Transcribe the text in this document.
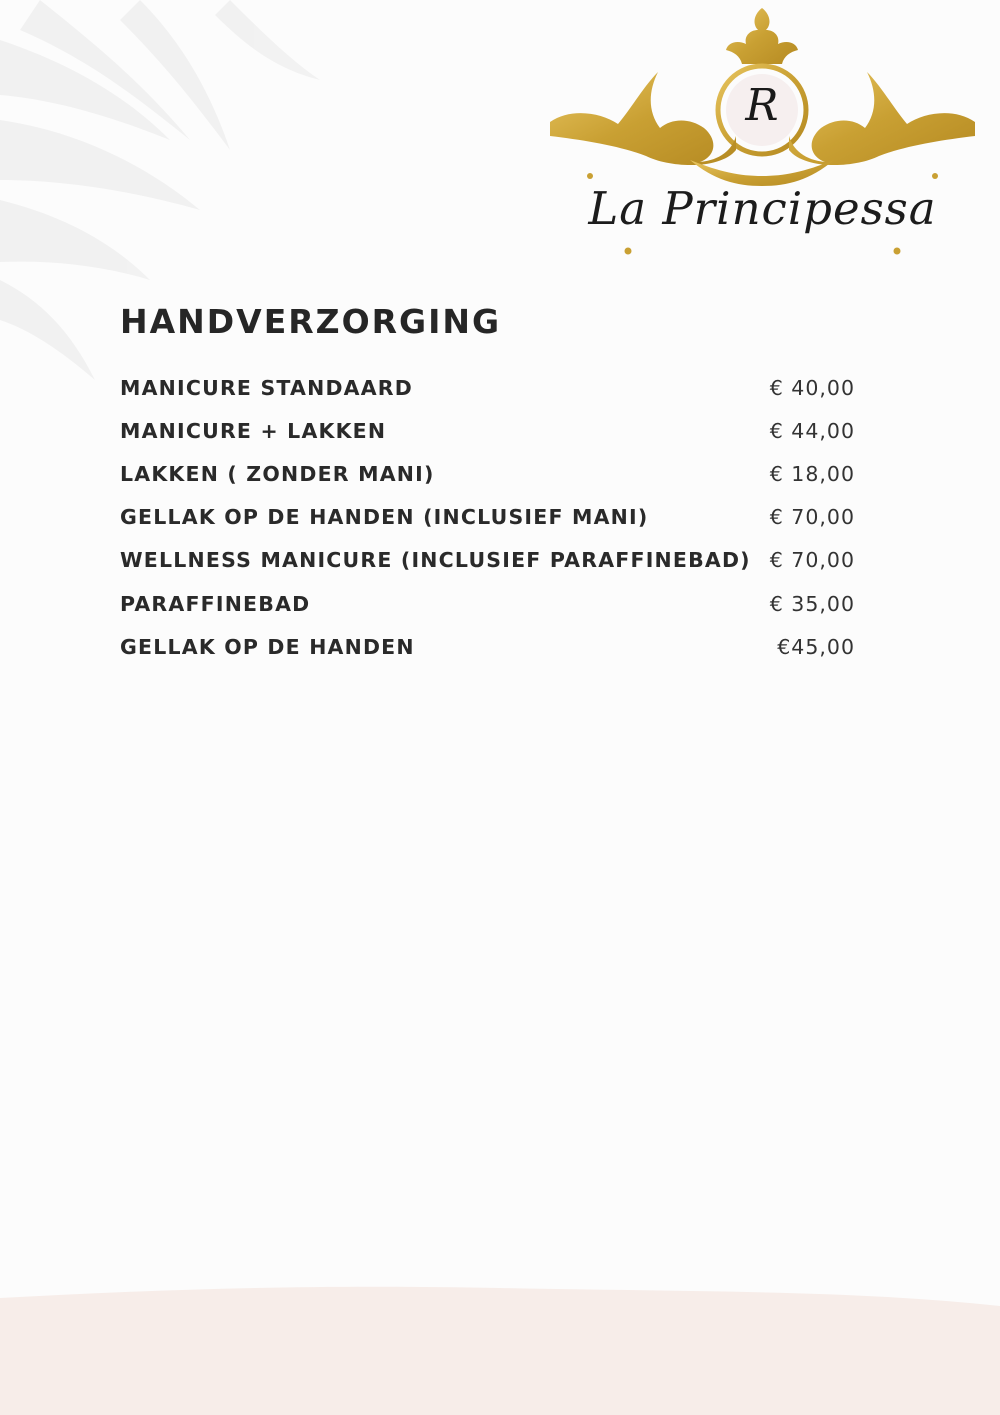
R
La Principessa
HANDVERZORGING
MANICURE STANDAARD	€ 40,00
MANICURE + LAKKEN	€ 44,00
LAKKEN ( ZONDER MANI)	€ 18,00
GELLAK OP DE HANDEN (INCLUSIEF MANI)	€ 70,00
WELLNESS MANICURE (INCLUSIEF PARAFFINEBAD) € 70,00
PARAFFINEBAD	€ 35,00
GELLAK OP DE HANDEN	€45,00
